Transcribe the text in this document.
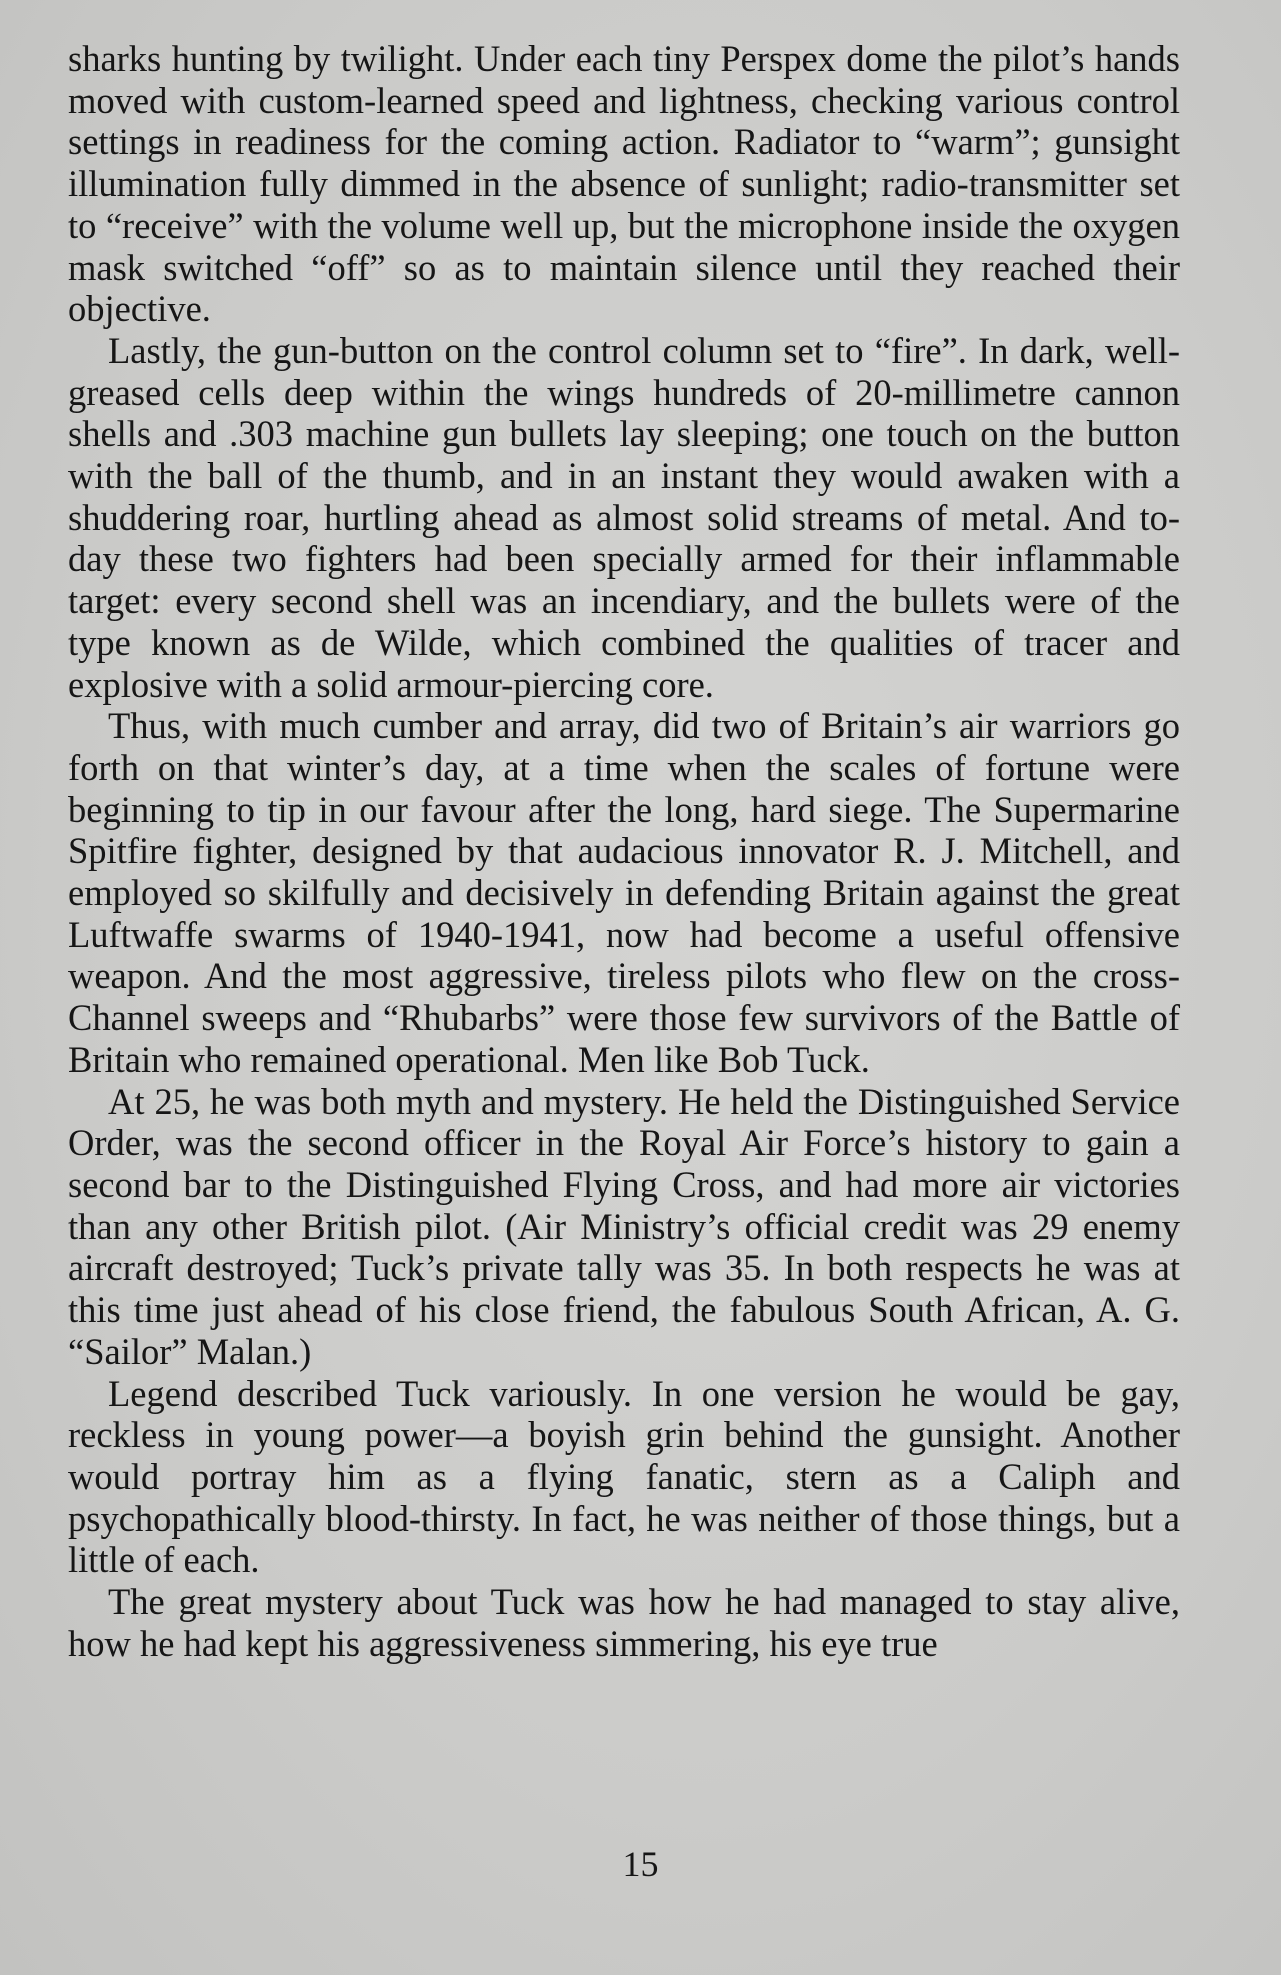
sharks hunting by twilight. Under each tiny Perspex dome the pilot’s hands moved with custom-learned speed and lightness, checking various control settings in readiness for the coming action. Radiator to “warm”; gunsight illumination fully dimmed in the absence of sunlight; radio-transmitter set to “receive” with the volume well up, but the microphone inside the oxygen mask switched “off” so as to maintain silence until they reached their objective.

Lastly, the gun-button on the control column set to “fire”. In dark, well-greased cells deep within the wings hundreds of 20-millimetre cannon shells and .303 machine gun bullets lay sleeping; one touch on the button with the ball of the thumb, and in an instant they would awaken with a shuddering roar, hurtling ahead as almost solid streams of metal. And to-day these two fighters had been specially armed for their inflammable target: every second shell was an incendiary, and the bullets were of the type known as de Wilde, which combined the qualities of tracer and explosive with a solid armour-piercing core.

Thus, with much cumber and array, did two of Britain’s air warriors go forth on that winter’s day, at a time when the scales of fortune were beginning to tip in our favour after the long, hard siege. The Supermarine Spitfire fighter, designed by that audacious innovator R. J. Mitchell, and employed so skilfully and decisively in defending Britain against the great Luftwaffe swarms of 1940-1941, now had become a useful offensive weapon. And the most aggressive, tireless pilots who flew on the cross-Channel sweeps and “Rhubarbs” were those few survivors of the Battle of Britain who remained operational. Men like Bob Tuck.

At 25, he was both myth and mystery. He held the Distinguished Service Order, was the second officer in the Royal Air Force’s history to gain a second bar to the Distinguished Flying Cross, and had more air victories than any other British pilot. (Air Ministry’s official credit was 29 enemy aircraft destroyed; Tuck’s private tally was 35. In both respects he was at this time just ahead of his close friend, the fabulous South African, A. G. “Sailor” Malan.)

Legend described Tuck variously. In one version he would be gay, reckless in young power—a boyish grin behind the gunsight. Another would portray him as a flying fanatic, stern as a Caliph and psychopathically blood-thirsty. In fact, he was neither of those things, but a little of each.

The great mystery about Tuck was how he had managed to stay alive, how he had kept his aggressiveness simmering, his eye true

15
